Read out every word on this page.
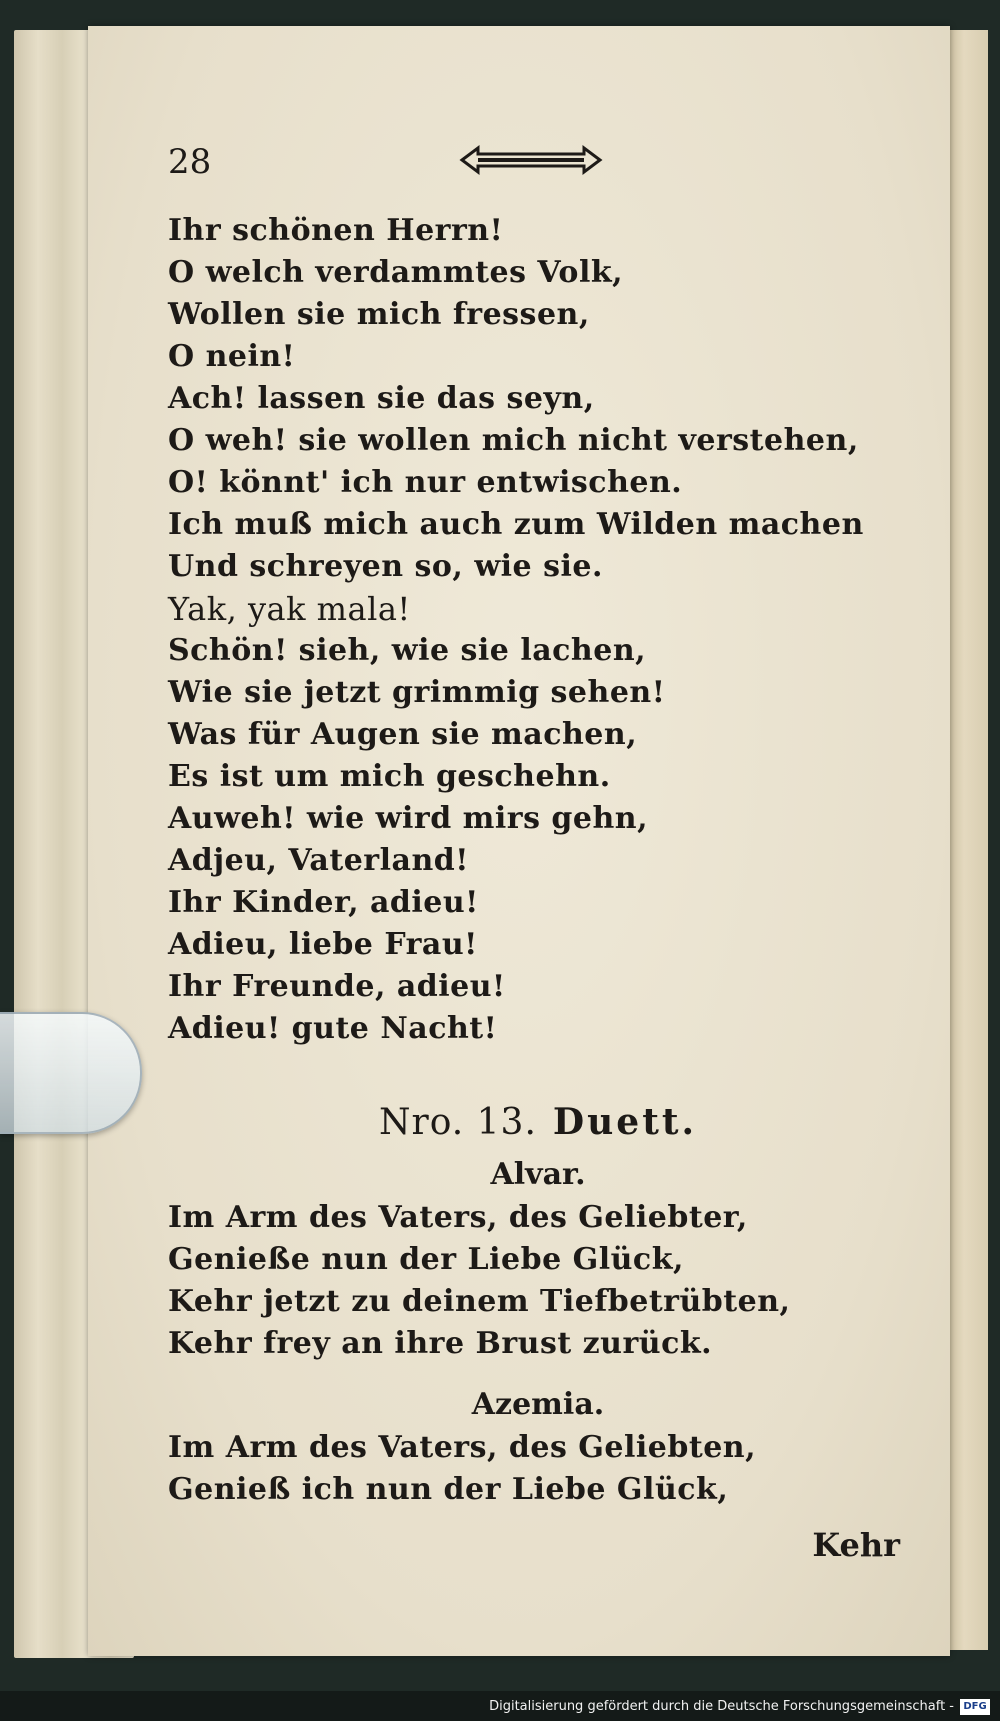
28
Ihr schönen Herrn!
O welch verdammtes Volk,
Wollen sie mich fressen,
O nein!
Ach! lassen sie das seyn,
O weh! sie wollen mich nicht verstehen,
O! könnt' ich nur entwischen.
Ich muß mich auch zum Wilden machen
Und schreyen so, wie sie.
Yak, yak mala!
Schön! sieh, wie sie lachen,
Wie sie jetzt grimmig sehen!
Was für Augen sie machen,
Es ist um mich geschehn.
Auweh! wie wird mirs gehn,
Adjeu, Vaterland!
Ihr Kinder, adieu!
Adieu, liebe Frau!
Ihr Freunde, adieu!
Adieu! gute Nacht!
Nro. 13. Duett.
Alvar.
Im Arm des Vaters, des Geliebter,
Genieße nun der Liebe Glück,
Kehr jetzt zu deinem Tiefbetrübten,
Kehr frey an ihre Brust zurück.
Azemia.
Im Arm des Vaters, des Geliebten,
Genieß ich nun der Liebe Glück,
Kehr
Digitalisierung gefördert durch die Deutsche Forschungsgemeinschaft - DFG
